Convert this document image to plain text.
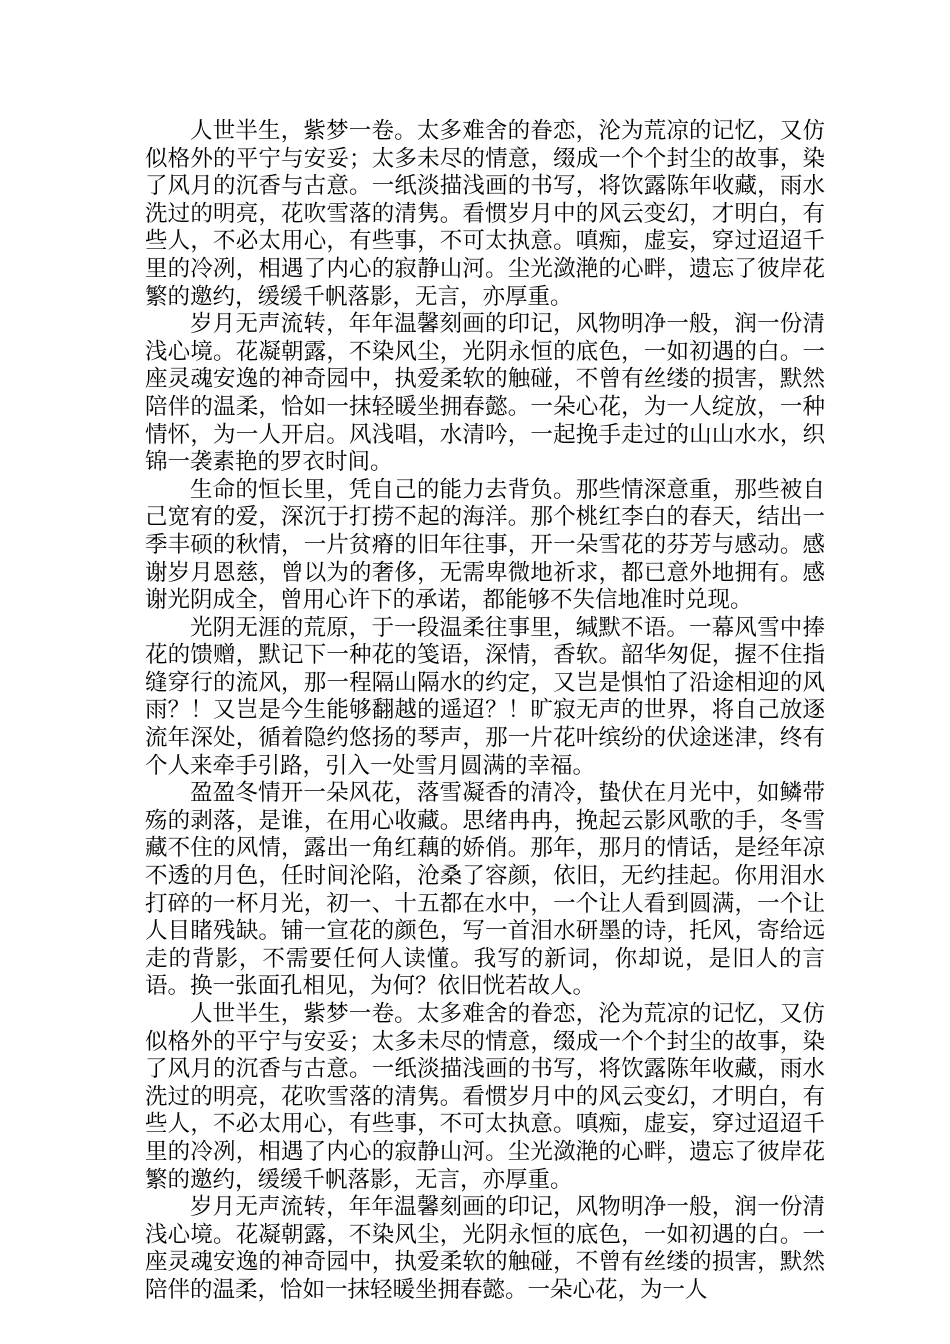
人世半生，紫梦一卷。太多难舍的眷恋，沦为荒凉的记忆，又仿似格外的平宁与安妥；太多未尽的情意，缀成一个个封尘的故事，染了风月的沉香与古意。一纸淡描浅画的书写，将饮露陈年收藏，雨水洗过的明亮，花吹雪落的清隽。看惯岁月中的风云变幻，才明白，有些人，不必太用心，有些事，不可太执意。嗔痴，虚妄，穿过迢迢千里的冷冽，相遇了内心的寂静山河。尘光潋滟的心畔，遗忘了彼岸花繁的邀约，缓缓千帆落影，无言，亦厚重。

岁月无声流转，年年温馨刻画的印记，风物明净一般，润一份清浅心境。花凝朝露，不染风尘，光阴永恒的底色，一如初遇的白。一座灵魂安逸的神奇园中，执爱柔软的触碰，不曾有丝缕的损害，默然陪伴的温柔，恰如一抹轻暖坐拥春懿。一朵心花，为一人绽放，一种情怀，为一人开启。风浅唱，水清吟，一起挽手走过的山山水水，织锦一袭素艳的罗衣时间。

生命的恒长里，凭自己的能力去背负。那些情深意重，那些被自己宽宥的爱，深沉于打捞不起的海洋。那个桃红李白的春天，结出一季丰硕的秋情，一片贫瘠的旧年往事，开一朵雪花的芬芳与感动。感谢岁月恩慈，曾以为的奢侈，无需卑微地祈求，都已意外地拥有。感谢光阴成全，曾用心许下的承诺，都能够不失信地准时兑现。

光阴无涯的荒原，于一段温柔往事里，缄默不语。一幕风雪中捧花的馈赠，默记下一种花的笺语，深情，香软。韶华匆促，握不住指缝穿行的流风，那一程隔山隔水的约定，又岂是惧怕了沿途相迎的风雨？！又岂是今生能够翻越的遥迢？！旷寂无声的世界，将自己放逐流年深处，循着隐约悠扬的琴声，那一片花叶缤纷的伏途迷津，终有个人来牵手引路，引入一处雪月圆满的幸福。

盈盈冬情开一朵风花，落雪凝香的清冷，蛰伏在月光中，如鳞带殇的剥落，是谁，在用心收藏。思绪冉冉，挽起云影风歌的手，冬雪藏不住的风情，露出一角红藕的娇俏。那年，那月的情话，是经年凉不透的月色，任时间沦陷，沧桑了容颜，依旧，无约挂起。你用泪水打碎的一杯月光，初一、十五都在水中，一个让人看到圆满，一个让人目睹残缺。铺一宣花的颜色，写一首泪水研墨的诗，托风，寄给远走的背影，不需要任何人读懂。我写的新词，你却说，是旧人的言语。换一张面孔相见，为何？依旧恍若故人。

人世半生，紫梦一卷。太多难舍的眷恋，沦为荒凉的记忆，又仿似格外的平宁与安妥；太多未尽的情意，缀成一个个封尘的故事，染了风月的沉香与古意。一纸淡描浅画的书写，将饮露陈年收藏，雨水洗过的明亮，花吹雪落的清隽。看惯岁月中的风云变幻，才明白，有些人，不必太用心，有些事，不可太执意。嗔痴，虚妄，穿过迢迢千里的冷冽，相遇了内心的寂静山河。尘光潋滟的心畔，遗忘了彼岸花繁的邀约，缓缓千帆落影，无言，亦厚重。

岁月无声流转，年年温馨刻画的印记，风物明净一般，润一份清浅心境。花凝朝露，不染风尘，光阴永恒的底色，一如初遇的白。一座灵魂安逸的神奇园中，执爱柔软的触碰，不曾有丝缕的损害，默然陪伴的温柔，恰如一抹轻暖坐拥春懿。一朵心花，为一人
